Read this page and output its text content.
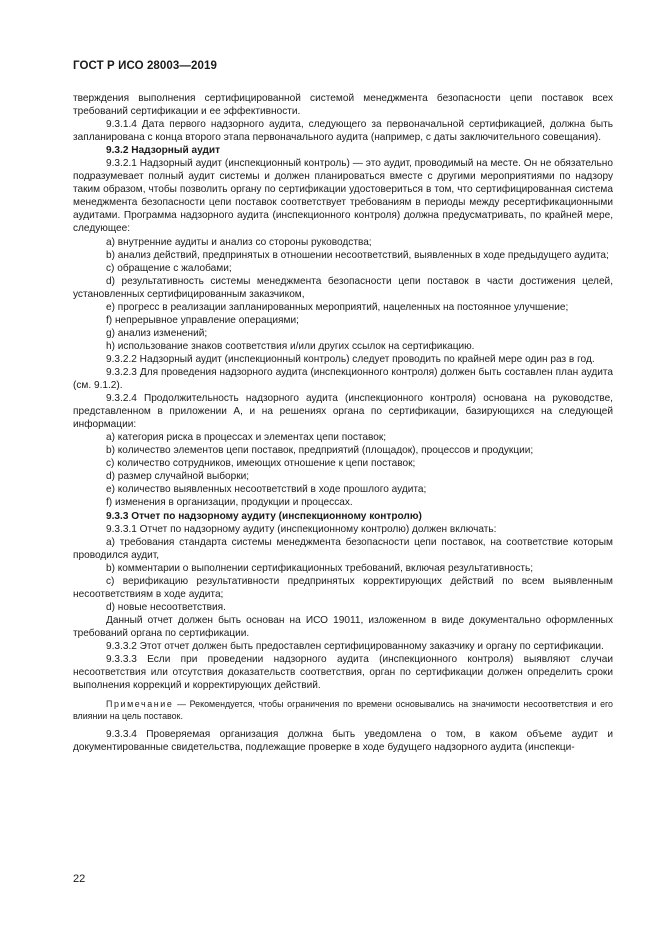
ГОСТ Р ИСО 28003—2019

тверждения выполнения сертифицированной системой менеджмента безопасности цепи поставок всех требований сертификации и ее эффективности.

9.3.1.4 Дата первого надзорного аудита, следующего за первоначальной сертификацией, должна быть запланирована с конца второго этапа первоначального аудита (например, с даты заключительного совещания).

9.3.2 Надзорный аудит

9.3.2.1 Надзорный аудит (инспекционный контроль) — это аудит, проводимый на месте. Он не обязательно подразумевает полный аудит системы и должен планироваться вместе с другими мероприятиями по надзору таким образом, чтобы позволить органу по сертификации удостовериться в том, что сертифицированная система менеджмента безопасности цепи поставок соответствует требованиям в периоды между ресертификационными аудитами. Программа надзорного аудита (инспекционного контроля) должна предусматривать, по крайней мере, следующее:

a) внутренние аудиты и анализ со стороны руководства;

b) анализ действий, предпринятых в отношении несоответствий, выявленных в ходе предыдущего аудита;

c) обращение с жалобами;

d) результативность системы менеджмента безопасности цепи поставок в части достижения целей, установленных сертифицированным заказчиком,

e) прогресс в реализации запланированных мероприятий, нацеленных на постоянное улучшение;

f) непрерывное управление операциями;

g) анализ изменений;

h) использование знаков соответствия и/или других ссылок на сертификацию.

9.3.2.2 Надзорный аудит (инспекционный контроль) следует проводить по крайней мере один раз в год.

9.3.2.3 Для проведения надзорного аудита (инспекционного контроля) должен быть составлен план аудита (см. 9.1.2).

9.3.2.4 Продолжительность надзорного аудита (инспекционного контроля) основана на руководстве, представленном в приложении А, и на решениях органа по сертификации, базирующихся на следующей информации:

a) категория риска в процессах и элементах цепи поставок;

b) количество элементов цепи поставок, предприятий (площадок), процессов и продукции;

c) количество сотрудников, имеющих отношение к цепи поставок;

d) размер случайной выборки;

e) количество выявленных несоответствий в ходе прошлого аудита;

f) изменения в организации, продукции и процессах.

9.3.3 Отчет по надзорному аудиту (инспекционному контролю)

9.3.3.1 Отчет по надзорному аудиту (инспекционному контролю) должен включать:

a) требования стандарта системы менеджмента безопасности цепи поставок, на соответствие которым проводился аудит,

b) комментарии о выполнении сертификационных требований, включая результативность;

c) верификацию результативности предпринятых корректирующих действий по всем выявленным несоответствиям в ходе аудита;

d) новые несоответствия.

Данный отчет должен быть основан на ИСО 19011, изложенном в виде документально оформленных требований органа по сертификации.

9.3.3.2 Этот отчет должен быть предоставлен сертифицированному заказчику и органу по сертификации.

9.3.3.3 Если при проведении надзорного аудита (инспекционного контроля) выявляют случаи несоответствия или отсутствия доказательств соответствия, орган по сертификации должен определить сроки выполнения коррекций и корректирующих действий.

Примечание — Рекомендуется, чтобы ограничения по времени основывались на значимости несоответствия и его влиянии на цель поставок.

9.3.3.4 Проверяемая организация должна быть уведомлена о том, в каком объеме аудит и документированные свидетельства, подлежащие проверке в ходе будущего надзорного аудита (инспекци-

22
